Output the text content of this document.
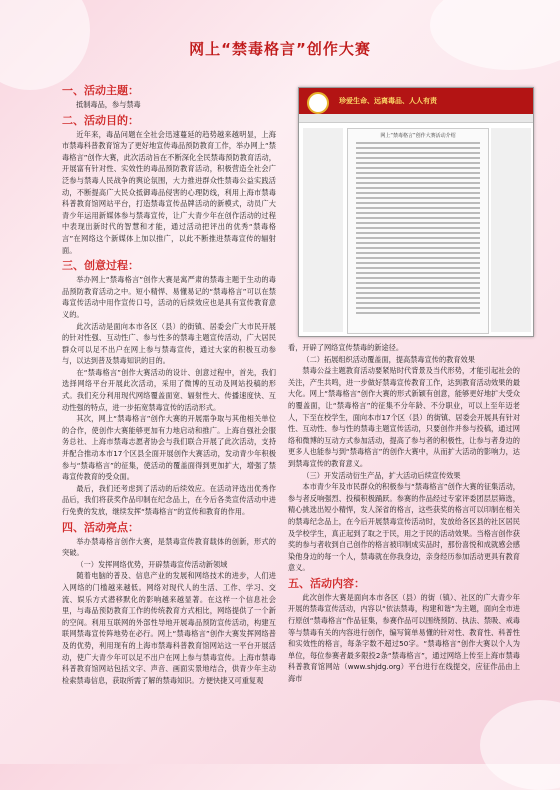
网上“禁毒格言”创作大赛
一、活动主题：
抵制毒品，参与禁毒
二、活动目的：

近年来，毒品问题在全社会迅速蔓延的趋势越来越明显，上海市禁毒科普教育馆为了更好地宣传毒品预防教育工作，举办网上“禁毒格言”创作大赛，此次活动旨在不断深化全民禁毒预防教育活动，开展富有针对性、实效性的毒品预防教育活动，积极营造全社会广泛参与禁毒人民战争的舆论氛围，大力推进群众性禁毒公益实践活动，不断提高广大民众抵御毒品侵害的心理防线，利用上海市禁毒科普教育馆网站平台，打造禁毒宣传品牌活动的新模式，动员广大青少年运用新媒体参与禁毒宣传，让广大青少年在创作活动的过程中表现出新时代的智慧和才能，通过活动把评出的优秀“禁毒格言”在网络这个新媒体上加以推广，以此不断推进禁毒宣传的辐射面。

三、创意过程：

举办网上“禁毒格言”创作大赛是寓严肃的禁毒主题于生动的毒品预防教育活动之中。短小精悍、易懂易记的“禁毒格言”可以在禁毒宣传活动中用作宣传口号，活动的后续效应也是具有宣传教育意义的。

此次活动是面向本市各区（县）的街镇、居委会广大市民开展的针对性强、互动性广、参与性多的禁毒主题宣传活动，广大居民群众可以足不出户在网上参与禁毒宣传，通过大家的积极互动参与，以达到普及禁毒知识的目的。

在“禁毒格言”创作大赛活动的设计、创意过程中，首先，我们选择网络平台开展此次活动，采用了微博的互动及网站投稿的形式。我们充分利用现代网络覆盖面宽、辐射性大、传播速度快、互动性强的特点，进一步拓宽禁毒宣传的活动形式。

其次，网上“禁毒格言”创作大赛的开展需争取与其他相关单位的合作，使创作大赛能够更加有力地启动和推广。上海自强社会服务总社、上海市禁毒志愿者协会与我们联合开展了此次活动，支持并配合推动本市17个区县全面开展创作大赛活动，发动青少年积极参与“禁毒格言”的征集，使活动的覆盖面得到更加扩大，增强了禁毒宣传教育的受众面。

最后，我们还考虑到了活动的后续效应。在活动评选出优秀作品后，我们将获奖作品印制在纪念品上，在今后各类宣传活动中进行免费的发放，继续发挥“禁毒格言”的宣传和教育的作用。

四、活动亮点：

举办禁毒格言创作大赛，是禁毒宣传教育载体的创新，形式的突破。

（一）发挥网络优势，开辟禁毒宣传活动新领域

随着电脑的普及、信息产业的发展和网络技术的进步，人们进入网络的门槛越来越低。网络对现代人的生活、工作、学习、交流、娱乐方式潜移默化的影响越来越显著。在这样一个信息社会里，与毒品预防教育工作的传统教育方式相比，网络提供了一个新的空间。利用互联网的外部性导地开展毒品预防宣传活动，构建互联网禁毒宣传阵地势在必行。网上“禁毒格言”创作大赛发挥网络普及的优势，利用现有的上海市禁毒科普教育馆网站这一平台开展活动，使广大青少年可以足不出户在网上参与禁毒宣传。上海市禁毒科普教育馆网站包括文字、声音、画面实景地结合，供青少年主动检索禁毒信息，获取所需了解的禁毒知识。方便快捷又可重复观

珍爱生命、远离毒品、人人有责
网上“禁毒格言”创作大赛活动介绍

看，开辟了网络宣传禁毒的新途径。

（二）拓展组织活动覆盖面，提高禁毒宣传的教育效果

禁毒公益主题教育活动要紧贴时代背景及当代形势，才能引起社会的关注，产生共鸣，进一步做好禁毒宣传教育工作，达到教育活动效果的最大化。网上“禁毒格言”创作大赛的形式新颖有创意，能够更好地扩大受众的覆盖面，让“禁毒格言”的征集不分年龄、不分职业，可以上至年迈老人，下至在校学生，面向本市17个区（县）的街镇、居委会开展具有针对性、互动性、参与性的禁毒主题宣传活动，只要创作并参与投稿，通过网络和微博的互动方式参加活动，提高了参与者的积极性，让参与者身边的更多人也能参与到“禁毒格言”的创作大赛中，从而扩大活动的影响力，达到禁毒宣传的教育意义。

（三）开发活动衍生产品，扩大活动后续宣传效果

本市青少年及市民群众的积极参与“禁毒格言”创作大赛的征集活动，参与者反响强烈、投稿积极踊跃。参赛的作品经过专家评委团层层筛选，精心挑选出短小精悍，发人深省的格言，这些获奖的格言可以印制在相关的禁毒纪念品上，在今后开展禁毒宣传活动时，发放给各区县的社区居民及学校学生，真正起到了取之于民，用之于民的活动效果。当格言创作获奖的参与者收到自己创作的格言被印制成实品时，那份喜悦和成就感会感染他身边的每一个人，禁毒就在你我身边，亲身经历参加活动更具有教育意义。

五、活动内容：

此次创作大赛是面向本市各区（县）的街（镇）、社区的广大青少年开展的禁毒宣传活动，内容以“依法禁毒，构建和谐”为主题，面向全市进行原创“禁毒格言”作品征集，参赛作品可以围绕预防、执法、禁吸、戒毒等与禁毒有关的内容进行创作，编写简单易懂的针对性、教育性、科普性和实效性的格言，每条字数不超过50字。“禁毒格言”创作大赛以个人为单位，每位参赛者最多限投2条“禁毒格言”，通过网络上传至上海市禁毒科普教育馆网站（www.shjdg.org）平台进行在线提交，应征作品由上海市
